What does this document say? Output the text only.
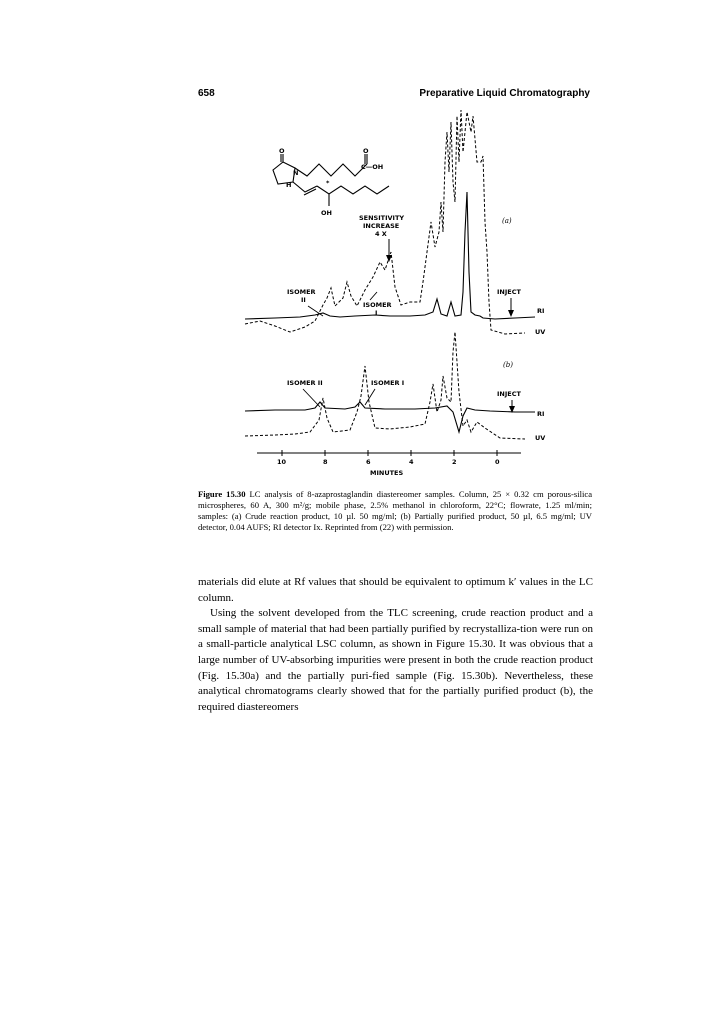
658	Preparative Liquid Chromatography
O	O
C—OH
N
H	*
OH
SENSITIVITY
INCREASE
4 X
(a)
ISOMER
II
ISOMER
I
INJECT
RI
UV
(b)
ISOMER II	ISOMER I
INJECT
RI
UV
10	8	6	4	2	0
MINUTES
Figure 15.30 LC analysis of 8-azaprostaglandin diastereomer samples. Column, 25 × 0.32 cm porous-silica microspheres, 60 A, 300 m²/g; mobile phase, 2.5% methanol in chloroform, 22°C; flowrate, 1.25 ml/min; samples: (a) Crude reaction product, 10 µl. 50 mg/ml; (b) Partially purified product, 50 µl, 6.5 mg/ml; UV detector, 0.04 AUFS; RI detector Ix. Reprinted from (22) with permission.

materials did elute at Rf values that should be equivalent to optimum k′ values in the LC column.

Using the solvent developed from the TLC screening, crude reaction product and a small sample of material that had been partially purified by recrystalliza-tion were run on a small-particle analytical LSC column, as shown in Figure 15.30. It was obvious that a large number of UV-absorbing impurities were present in both the crude reaction product (Fig. 15.30a) and the partially puri-fied sample (Fig. 15.30b). Nevertheless, these analytical chromatograms clearly showed that for the partially purified product (b), the required diastereomers
